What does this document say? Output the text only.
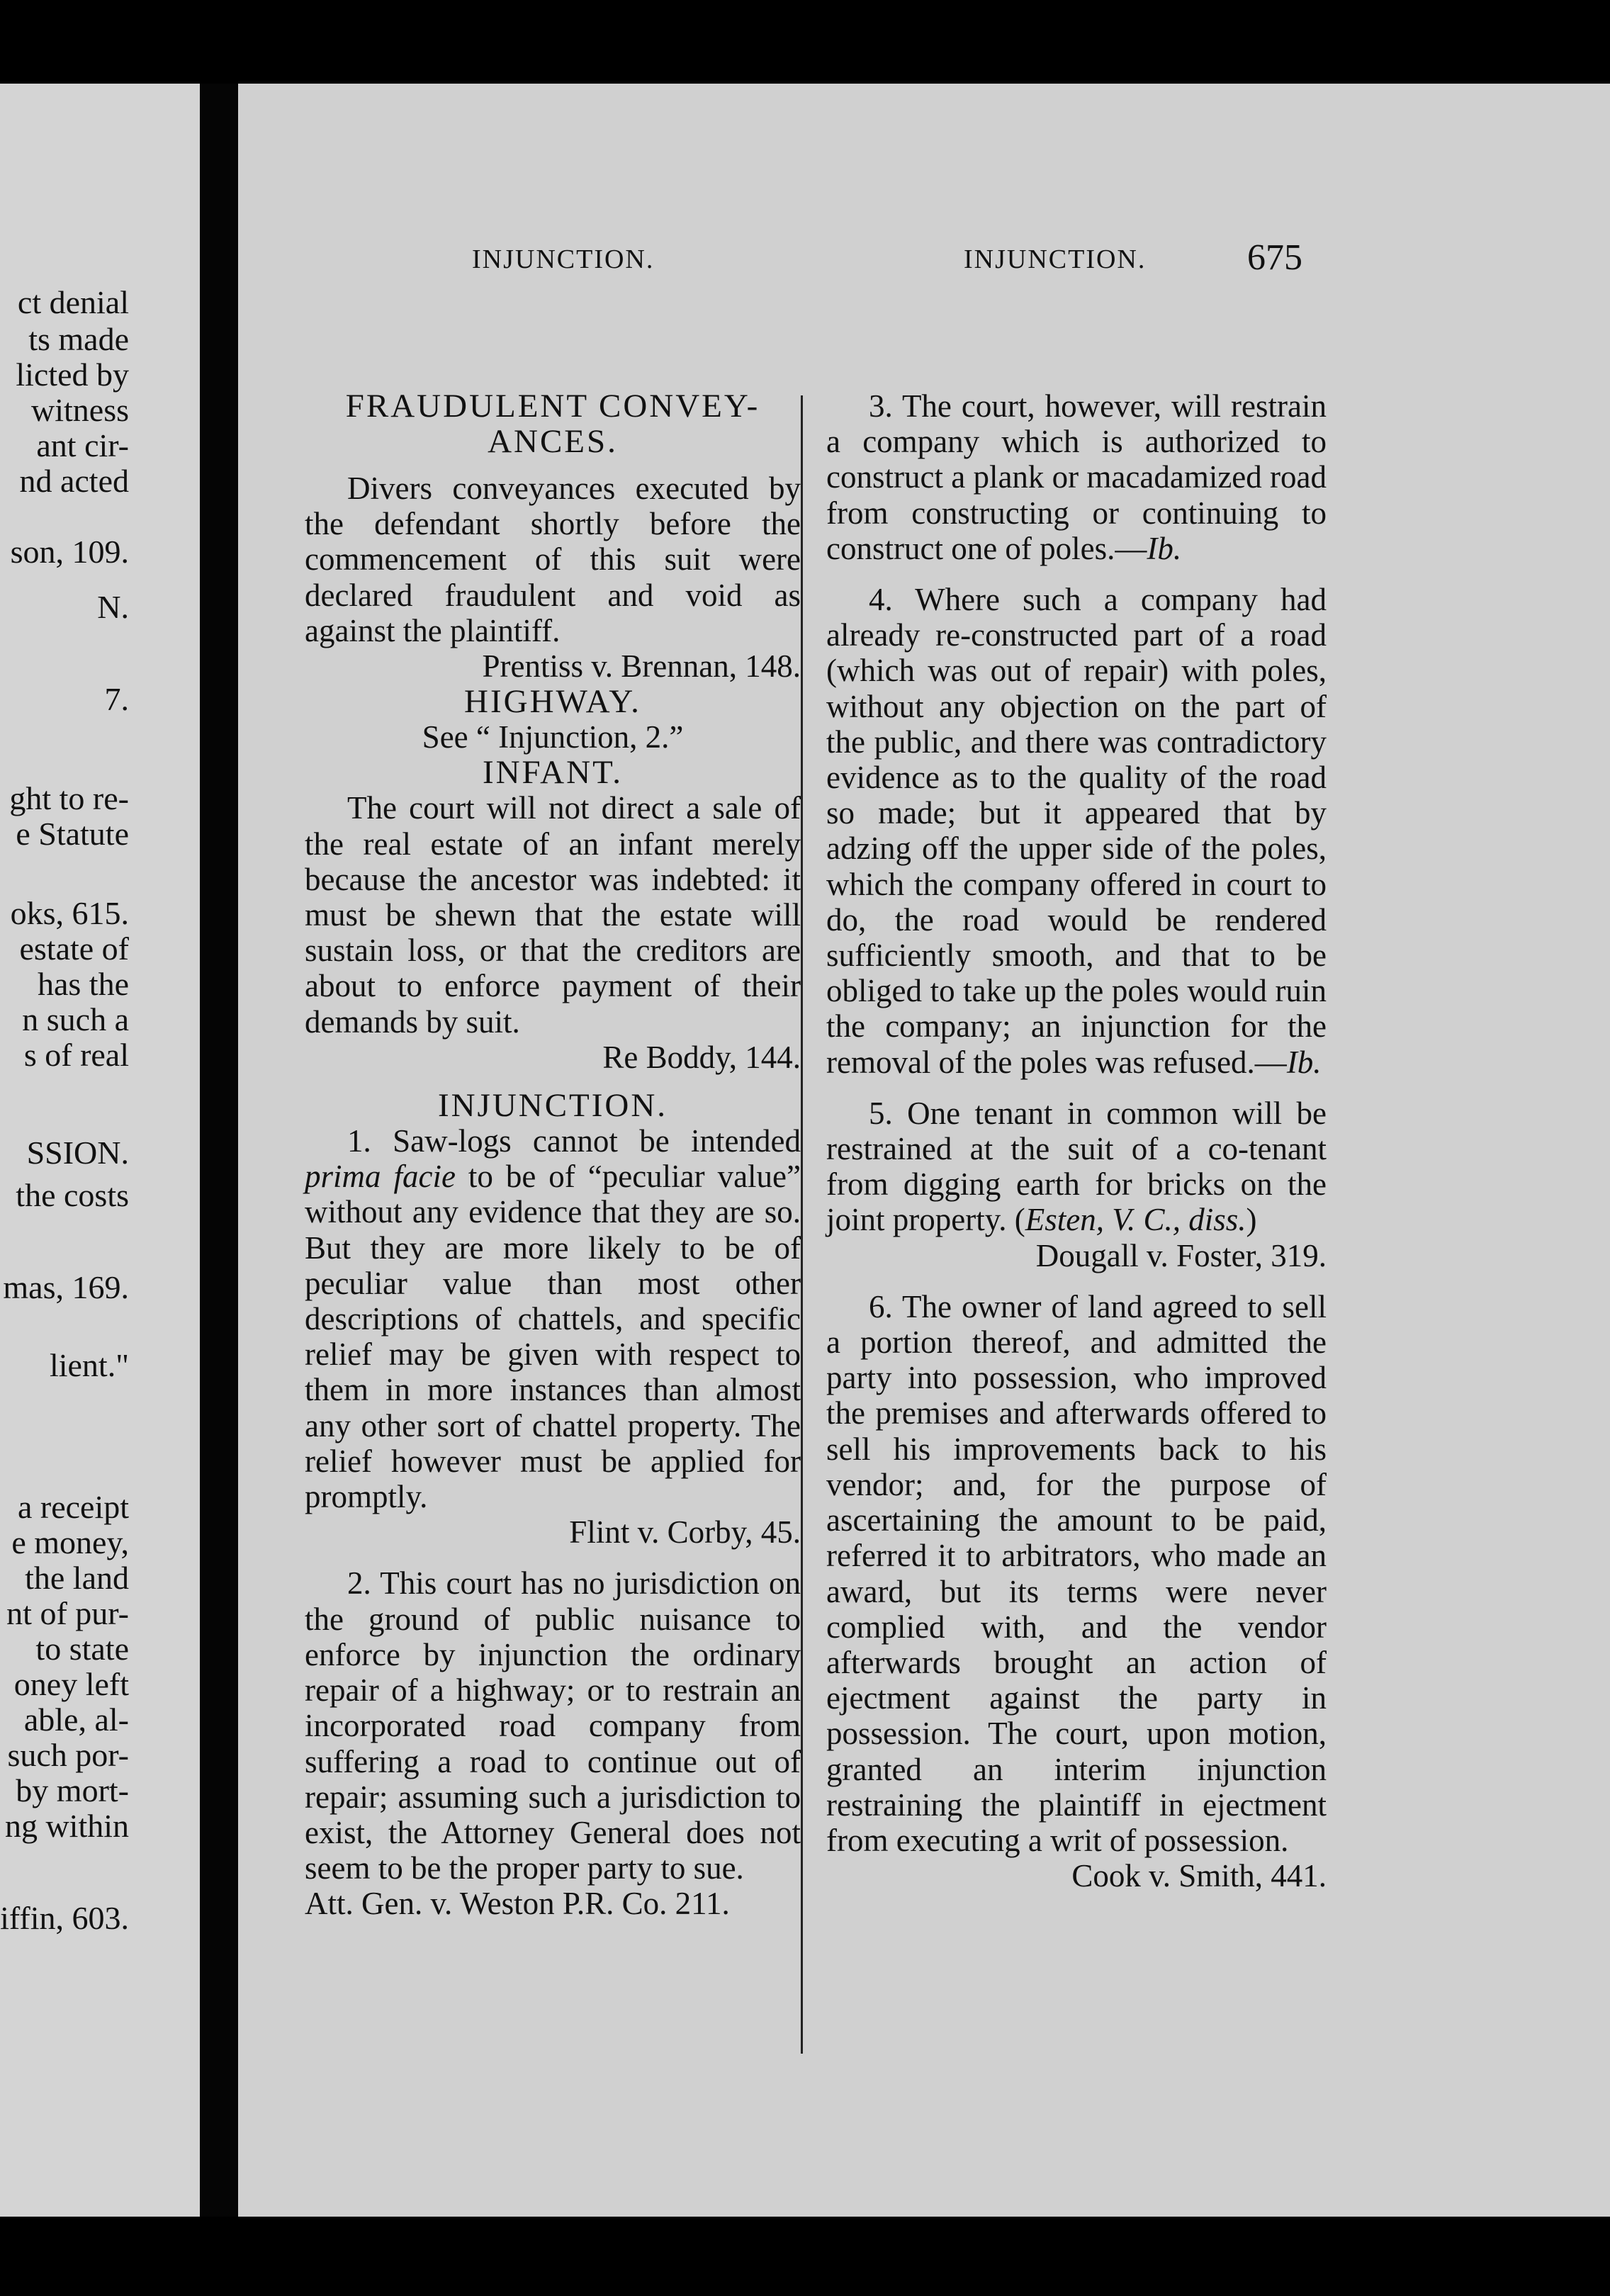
ct denial
ts made
licted by
witness
ant cir-
nd acted
son, 109.
N.
7.
ght to re-
e Statute
oks, 615.
estate of
has the
n such a
s of real
SSION.
the costs
mas, 169.
lient."
a receipt
e money,
the land
nt of pur-
to state
oney left
able, al-
such por-
by mort-
ng within
iffin, 603.
INJUNCTION.	INJUNCTION.	675
FRAUDULENT CONVEY-
ANCES.

Divers conveyances executed by the defendant shortly before the commencement of this suit were declared fraudulent and void as against the plaintiff.

Prentiss v. Brennan, 148.

HIGHWAY.

See “ Injunction, 2.”

INFANT.

The court will not direct a sale of the real estate of an infant merely because the ancestor was indebted: it must be shewn that the estate will sustain loss, or that the creditors are about to enforce payment of their demands by suit.

Re Boddy, 144.

INJUNCTION.

1. Saw-logs cannot be intended prima facie to be of “peculiar value” without any evidence that they are so. But they are more likely to be of peculiar value than most other descriptions of chattels, and specific relief may be given with respect to them in more instances than almost any other sort of chattel property. The relief however must be applied for promptly.

Flint v. Corby, 45.

2. This court has no jurisdiction on the ground of public nuisance to enforce by injunction the ordinary repair of a highway; or to restrain an incorporated road company from suffering a road to continue out of repair; assuming such a jurisdiction to exist, the Attorney General does not seem to be the proper party to sue.

Att. Gen. v. Weston P.R. Co. 211.

3. The court, however, will restrain a company which is authorized to construct a plank or macadamized road from constructing or continuing to construct one of poles.—Ib.

4. Where such a company had already re-constructed part of a road (which was out of repair) with poles, without any objection on the part of the public, and there was contradictory evidence as to the quality of the road so made; but it appeared that by adzing off the upper side of the poles, which the company offered in court to do, the road would be rendered sufficiently smooth, and that to be obliged to take up the poles would ruin the company; an injunction for the removal of the poles was refused.—Ib.

5. One tenant in common will be restrained at the suit of a co-tenant from digging earth for bricks on the joint property. (Esten, V. C., diss.)

Dougall v. Foster, 319.

6. The owner of land agreed to sell a portion thereof, and admitted the party into possession, who improved the premises and afterwards offered to sell his improvements back to his vendor; and, for the purpose of ascertaining the amount to be paid, referred it to arbitrators, who made an award, but its terms were never complied with, and the vendor afterwards brought an action of ejectment against the party in possession. The court, upon motion, granted an interim injunction restraining the plaintiff in ejectment from executing a writ of possession.

Cook v. Smith, 441.
